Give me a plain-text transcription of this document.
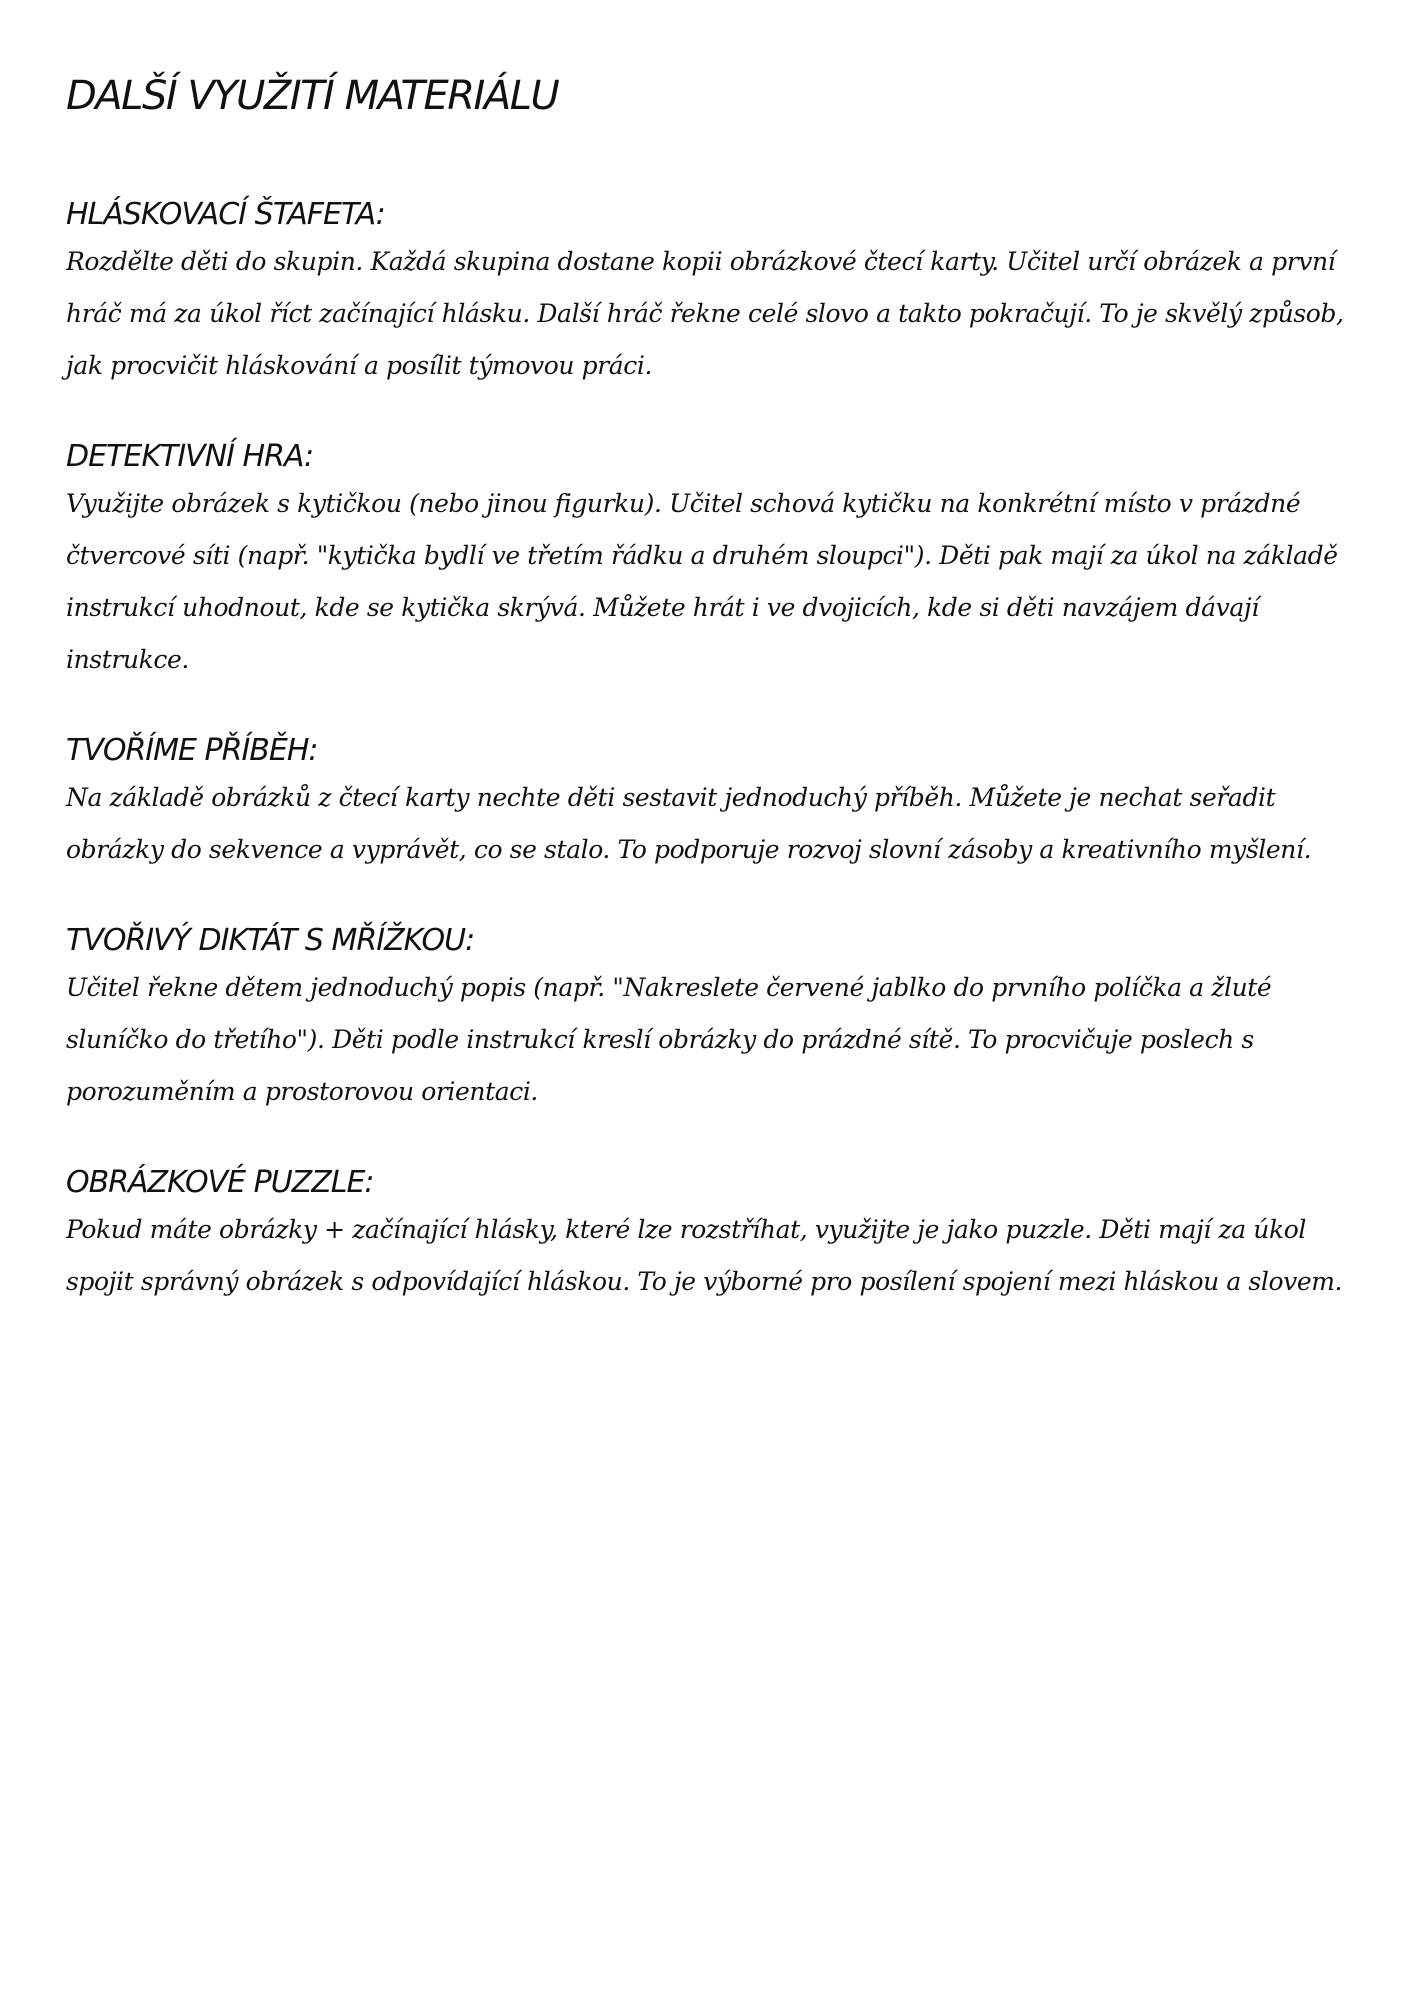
DALŠÍ VYUŽITÍ MATERIÁLU
HLÁSKOVACÍ ŠTAFETA:

Rozdělte děti do skupin. Každá skupina dostane kopii obrázkové čtecí karty. Učitel určí obrázek a první hráč má za úkol říct začínající hlásku. Další hráč řekne celé slovo a takto pokračují. To je skvělý způsob, jak procvičit hláskování a posílit týmovou práci.

DETEKTIVNÍ HRA:

Využijte obrázek s kytičkou (nebo jinou figurku). Učitel schová kytičku na konkrétní místo v prázdné čtvercové síti (např. "kytička bydlí ve třetím řádku a druhém sloupci"). Děti pak mají za úkol na základě instrukcí uhodnout, kde se kytička skrývá. Můžete hrát i ve dvojicích, kde si děti navzájem dávají instrukce.

TVOŘÍME PŘÍBĚH:

Na základě obrázků z čtecí karty nechte děti sestavit jednoduchý příběh. Můžete je nechat seřadit obrázky do sekvence a vyprávět, co se stalo. To podporuje rozvoj slovní zásoby a kreativního myšlení.

TVOŘIVÝ DIKTÁT S MŘÍŽKOU:

Učitel řekne dětem jednoduchý popis (např. "Nakreslete červené jablko do prvního políčka a žluté sluníčko do třetího"). Děti podle instrukcí kreslí obrázky do prázdné sítě. To procvičuje poslech s porozuměním a prostorovou orientaci.

OBRÁZKOVÉ PUZZLE:

Pokud máte obrázky + začínající hlásky, které lze rozstříhat, využijte je jako puzzle. Děti mají za úkol spojit správný obrázek s odpovídající hláskou. To je výborné pro posílení spojení mezi hláskou a slovem.
